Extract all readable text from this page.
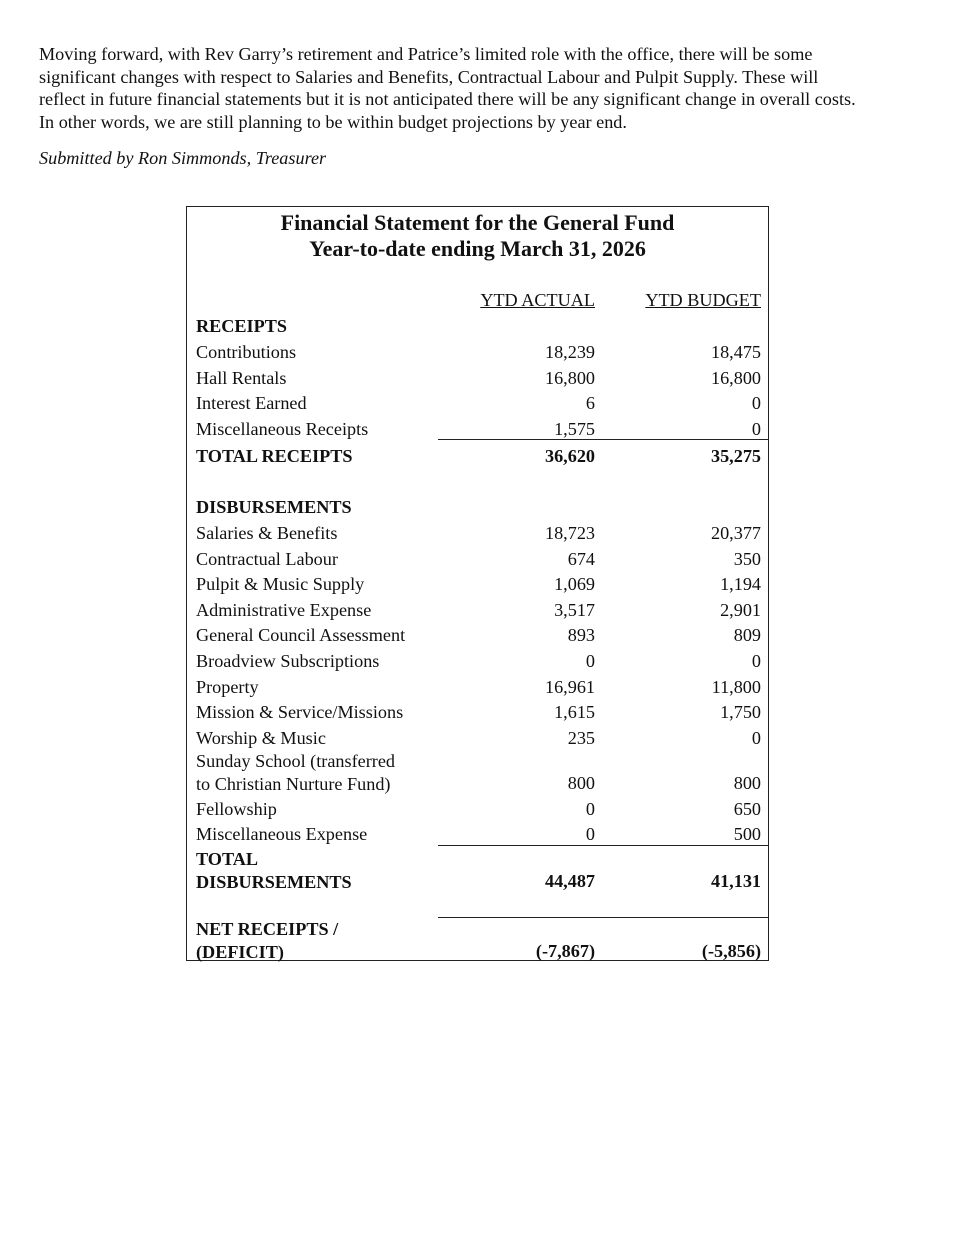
Moving forward, with Rev Garry’s retirement and Patrice’s limited role with the office, there will be some
significant changes with respect to Salaries and Benefits, Contractual Labour and Pulpit Supply. These will
reflect in future financial statements but it is not anticipated there will be any significant change in overall costs.
In other words, we are still planning to be within budget projections by year end.

Submitted by Ron Simmonds, Treasurer

Financial Statement for the General Fund
Year-to-date ending March 31, 2026
YTD ACTUAL	YTD BUDGET
RECEIPTS
Contributions	18,239	18,475
Hall Rentals	16,800	16,800
Interest Earned	6	0
Miscellaneous Receipts	1,575	0
TOTAL RECEIPTS	36,620	35,275
DISBURSEMENTS
Salaries & Benefits	18,723	20,377
Contractual Labour	674	350
Pulpit & Music Supply	1,069	1,194
Administrative Expense	3,517	2,901
General Council Assessment	893	809
Broadview Subscriptions	0	0
Property	16,961	11,800
Mission & Service/Missions	1,615	1,750
Worship & Music	235	0
Sunday School (transferred
to Christian Nurture Fund)	800	800
Fellowship	0	650
Miscellaneous Expense	0	500
TOTAL
DISBURSEMENTS	44,487	41,131
NET RECEIPTS /
(DEFICIT)	(-7,867)	(-5,856)
